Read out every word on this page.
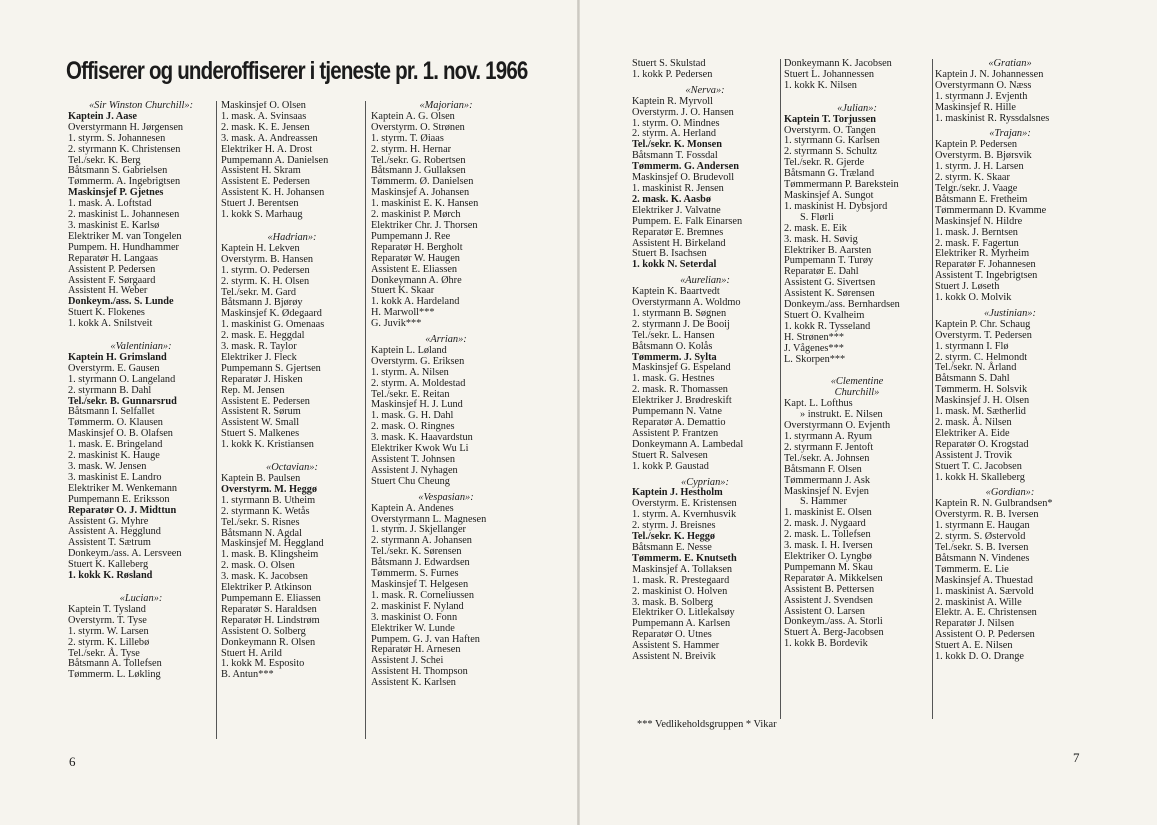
Offiserer og underoffiserer i tjeneste pr. 1. nov. 1966
«Sir Winston Churchill»:
Kaptein J. Aase
Overstyrmann H. Jørgensen
1. styrm. S. Johannesen
2. styrmann K. Christensen
Tel./sekr. K. Berg
Båtsmann S. Gabrielsen
Tømmerm. A. Ingebrigtsen
Maskinsjef P. Gjetnes
1. mask. A. Loftstad
2. maskinist L. Johannesen
3. maskinist E. Karlsø
Elektriker M. van Tongelen
Pumpem. H. Hundhammer
Reparatør H. Langaas
Assistent P. Pedersen
Assistent F. Sørgaard
Assistent H. Weber
Donkeym./ass. S. Lunde
Stuert K. Flokenes
1. kokk A. Snilstveit
«Valentinian»:
Kaptein H. Grimsland
Overstyrm. E. Gausen
1. styrmann O. Langeland
2. styrmann B. Dahl
Tel./sekr. B. Gunnarsrud
Båtsmann I. Selfallet
Tømmerm. O. Klausen
Maskinsjef O. B. Olafsen
1. mask. E. Bringeland
2. maskinist K. Hauge
3. mask. W. Jensen
3. maskinist E. Landro
Elektriker M. Wenkemann
Pumpemann E. Eriksson
Reparatør O. J. Midttun
Assistent G. Myhre
Assistent A. Hegglund
Assistent T. Sætrum
Donkeym./ass. A. Lersveen
Stuert K. Kalleberg
1. kokk K. Røsland
«Lucian»:
Kaptein T. Tysland
Overstyrm. T. Tyse
1. styrm. W. Larsen
2. styrm. K. Lillebø
Tel./sekr. Å. Tyse
Båtsmann A. Tollefsen
Tømmerm. L. Løkling
Maskinsjef O. Olsen
1. mask. A. Svinsaas
2. mask. K. E. Jensen
3. mask. A. Andreassen
Elektriker H. A. Drost
Pumpemann A. Danielsen
Assistent H. Skram
Assistent E. Pedersen
Assistent K. H. Johansen
Stuert J. Berentsen
1. kokk S. Marhaug
«Hadrian»:
Kaptein H. Lekven
Overstyrm. B. Hansen
1. styrm. O. Pedersen
2. styrm. K. H. Olsen
Tel./sekr. M. Gard
Båtsmann J. Bjørøy
Maskinsjef K. Ødegaard
1. maskinist G. Omenaas
2. mask. E. Heggdal
3. mask. R. Taylor
Elektriker J. Fleck
Pumpemann S. Gjertsen
Reparatør J. Hisken
Rep. M. Jensen
Assistent E. Pedersen
Assistent R. Sørum
Assistent W. Small
Stuert S. Malkenes
1. kokk K. Kristiansen
«Octavian»:
Kaptein B. Paulsen
Overstyrm. M. Heggø
1. styrmann B. Utheim
2. styrmann K. Wetås
Tel./sekr. S. Risnes
Båtsmann N. Agdal
Maskinsjef M. Heggland
1. mask. B. Klingsheim
2. mask. O. Olsen
3. mask. K. Jacobsen
Elektriker P. Atkinson
Pumpemann E. Eliassen
Reparatør S. Haraldsen
Reparatør H. Lindstrøm
Assistent O. Solberg
Donkeymann R. Olsen
Stuert H. Arild
1. kokk M. Esposito
B. Antun***
«Majorian»:
Kaptein A. G. Olsen
Overstyrm. O. Strønen
1. styrm. T. Øiaas
2. styrm. H. Hernar
Tel./sekr. G. Robertsen
Båtsmann J. Gullaksen
Tømmerm. Ø. Danielsen
Maskinsjef A. Johansen
1. maskinist E. K. Hansen
2. maskinist P. Mørch
Elektriker Chr. J. Thorsen
Pumpemann J. Ree
Reparatør H. Bergholt
Reparatør W. Haugen
Assistent E. Eliassen
Donkeymann A. Øhre
Stuert K. Skaar
1. kokk A. Hardeland
H. Marwoll***
G. Juvik***
«Arrian»:
Kaptein L. Løland
Overstyrm. G. Eriksen
1. styrm. A. Nilsen
2. styrm. A. Moldestad
Tel./sekr. E. Reitan
Maskinsjef H. J. Lund
1. mask. G. H. Dahl
2. mask. O. Ringnes
3. mask. K. Haavardstun
Elektriker Kwok Wu Li
Assistent T. Johnsen
Assistent J. Nyhagen
Stuert Chu Cheung
«Vespasian»:
Kaptein A. Andenes
Overstyrmann L. Magnesen
1. styrm. J. Skjellanger
2. styrmann A. Johansen
Tel./sekr. K. Sørensen
Båtsmann J. Edwardsen
Tømmerm. S. Furnes
Maskinsjef T. Helgesen
1. mask. R. Corneliussen
2. maskinist F. Nyland
3. maskinist O. Fonn
Elektriker W. Lunde
Pumpem. G. J. van Haften
Reparatør H. Arnesen
Assistent J. Schei
Assistent H. Thompson
Assistent K. Karlsen
Stuert S. Skulstad
1. kokk P. Pedersen
«Nerva»:
Kaptein R. Myrvoll
Overstyrm. J. O. Hansen
1. styrm. O. Mindnes
2. styrm. A. Herland
Tel./sekr. K. Monsen
Båtsmann T. Fossdal
Tømmerm. G. Andersen
Maskinsjef O. Brudevoll
1. maskinist R. Jensen
2. mask. K. Aasbø
Elektriker J. Valvatne
Pumpem. E. Falk Einarsen
Reparatør E. Bremnes
Assistent H. Birkeland
Stuert B. Isachsen
1. kokk N. Seterdal
«Aurelian»:
Kaptein K. Baartvedt
Overstyrmann A. Woldmo
1. styrmann B. Søgnen
2. styrmann J. De Booij
Tel./sekr. L. Hansen
Båtsmann O. Kolås
Tømmerm. J. Sylta
Maskinsjef G. Espeland
1. mask. G. Hestnes
2. mask. R. Thomassen
Elektriker J. Brødreskift
Pumpemann N. Vatne
Reparatør A. Demattio
Assistent P. Frantzen
Donkeymann A. Lambedal
Stuert R. Salvesen
1. kokk P. Gaustad
«Cyprian»:
Kaptein J. Hestholm
Overstyrm. E. Kristensen
1. styrm. A. Kvernhusvik
2. styrm. J. Breisnes
Tel./sekr. K. Heggø
Båtsmann E. Nesse
Tømmerm. E. Knutseth
Maskinsjef A. Tollaksen
1. mask. R. Prestegaard
2. maskinist O. Holven
3. mask. B. Solberg
Elektriker O. Litlekalsøy
Pumpemann A. Karlsen
Reparatør O. Utnes
Assistent S. Hammer
Assistent N. Breivik
Donkeymann K. Jacobsen
Stuert L. Johannessen
1. kokk K. Nilsen
«Julian»:
Kaptein T. Torjussen
Overstyrm. O. Tangen
1. styrmann G. Karlsen
2. styrmann S. Schultz
Tel./sekr. R. Gjerde
Båtsmann G. Træland
Tømmermann P. Barekstein
Maskinsjef A. Sungot
1. maskinist H. Dybsjord
S. Flørli
2. mask. E. Eik
3. mask. H. Søvig
Elektriker B. Aarsten
Pumpemann T. Turøy
Reparatør E. Dahl
Assistent G. Sivertsen
Assistent K. Sørensen
Donkeym./ass. Bernhardsen
Stuert O. Kvalheim
1. kokk R. Tysseland
H. Strønen***
J. Vågenes***
L. Skorpen***
«Clementine
Churchill»
Kapt. L. Lofthus
» instrukt. E. Nilsen
Overstyrmann O. Evjenth
1. styrmann A. Ryum
2. styrmann F. Jentoft
Tel./sekr. A. Johnsen
Båtsmann F. Olsen
Tømmermann J. Ask
Maskinsjef N. Evjen
S. Hammer
1. maskinist E. Olsen
2. mask. J. Nygaard
2. mask. L. Tollefsen
3. mask. I. H. Iversen
Elektriker O. Lyngbø
Pumpemann M. Skau
Reparatør A. Mikkelsen
Assistent B. Pettersen
Assistent J. Svendsen
Assistent O. Larsen
Donkeym./ass. A. Storli
Stuert A. Berg-Jacobsen
1. kokk B. Bordevik
«Gratian»
Kaptein J. N. Johannessen
Overstyrmann O. Næss
1. styrmann J. Evjenth
Maskinsjef R. Hille
1. maskinist R. Ryssdalsnes
«Trajan»:
Kaptein P. Pedersen
Overstyrm. B. Bjørsvik
1. styrm. J. H. Larsen
2. styrm. K. Skaar
Telgr./sekr. J. Vaage
Båtsmann E. Fretheim
Tømmermann D. Kvamme
Maskinsjef N. Hildre
1. mask. J. Berntsen
2. mask. F. Fagertun
Elektriker R. Myrheim
Reparatør F. Johannesen
Assistent T. Ingebrigtsen
Stuert J. Løseth
1. kokk O. Molvik
«Justinian»:
Kaptein P. Chr. Schaug
Overstyrm. T. Pedersen
1. styrmann I. Flø
2. styrm. C. Helmondt
Tel./sekr. N. Årland
Båtsmann S. Dahl
Tømmerm. H. Solsvik
Maskinsjef J. H. Olsen
1. mask. M. Sætherlid
2. mask. Å. Nilsen
Elektriker A. Eide
Reparatør O. Krogstad
Assistent J. Trovik
Stuert T. C. Jacobsen
1. kokk H. Skalleberg
«Gordian»:
Kaptein R. N. Gulbrandsen*
Overstyrm. R. B. Iversen
1. styrmann E. Haugan
2. styrm. S. Østervold
Tel./sekr. S. B. Iversen
Båtsmann N. Vindenes
Tømmerm. E. Lie
Maskinsjef A. Thuestad
1. maskinist A. Særvold
2. maskinist A. Wille
Elektr. A. E. Christensen
Reparatør J. Nilsen
Assistent O. P. Pedersen
Stuert A. E. Nilsen
1. kokk D. O. Drange
*** Vedlikeholdsgruppen * Vikar
6	7
